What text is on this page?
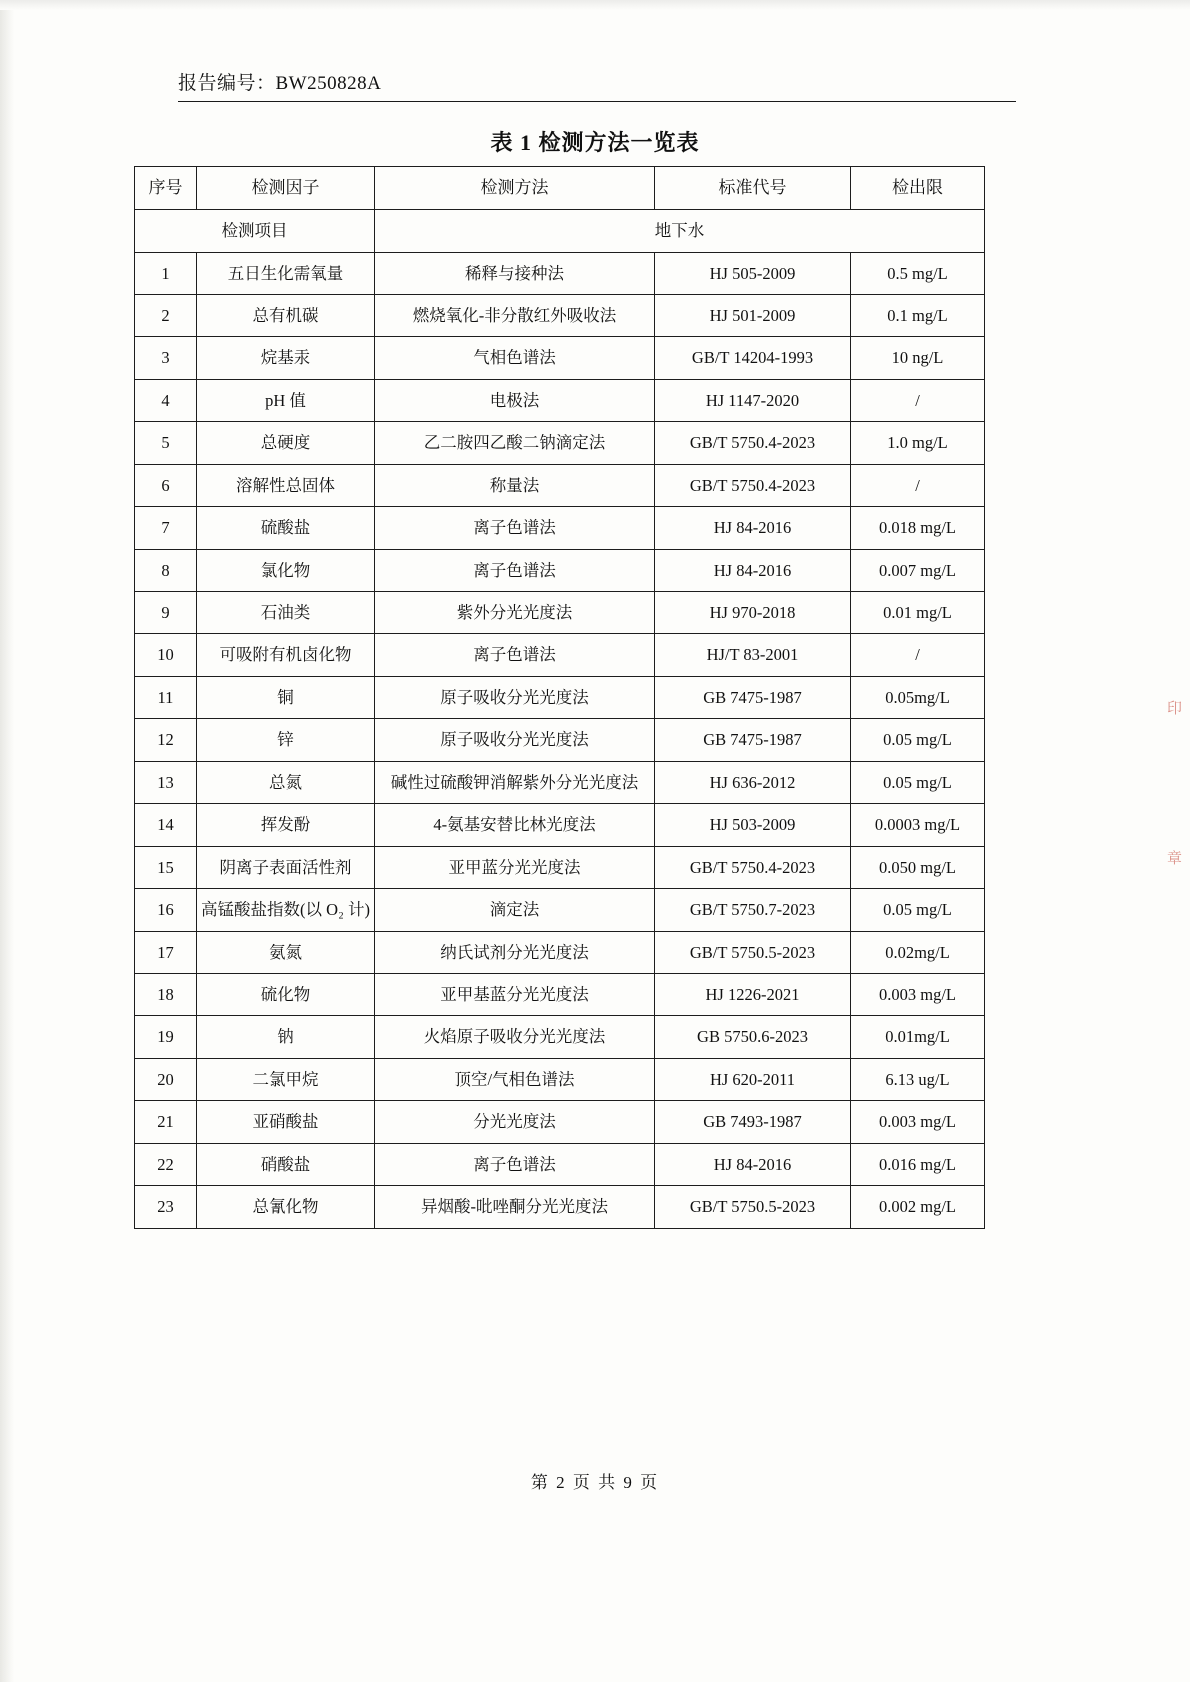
报告编号：BW250828A
表 1 检测方法一览表
序号	检测因子	检测方法	标准代号	检出限
检测项目		地下水		
1	五日生化需氧量	稀释与接种法	HJ 505-2009	0.5 mg/L
2	总有机碳	燃烧氧化-非分散红外吸收法	HJ 501-2009	0.1 mg/L
3	烷基汞	气相色谱法	GB/T 14204-1993	10 ng/L
4	pH 值	电极法	HJ 1147-2020	/
5	总硬度	乙二胺四乙酸二钠滴定法	GB/T 5750.4-2023	1.0 mg/L
6	溶解性总固体	称量法	GB/T 5750.4-2023	/
7	硫酸盐	离子色谱法	HJ 84-2016	0.018 mg/L
8	氯化物	离子色谱法	HJ 84-2016	0.007 mg/L
9	石油类	紫外分光光度法	HJ 970-2018	0.01 mg/L
10	可吸附有机卤化物	离子色谱法	HJ/T 83-2001	/
11	铜	原子吸收分光光度法	GB 7475-1987	0.05mg/L
12	锌	原子吸收分光光度法	GB 7475-1987	0.05 mg/L
13	总氮	碱性过硫酸钾消解紫外分光光度法	HJ 636-2012	0.05 mg/L
14	挥发酚	4-氨基安替比林光度法	HJ 503-2009	0.0003 mg/L
15	阴离子表面活性剂	亚甲蓝分光光度法	GB/T 5750.4-2023	0.050 mg/L
16	高锰酸盐指数(以 O₂ 计)	滴定法	GB/T 5750.7-2023	0.05 mg/L
17	氨氮	纳氏试剂分光光度法	GB/T 5750.5-2023	0.02mg/L
18	硫化物	亚甲基蓝分光光度法	HJ 1226-2021	0.003 mg/L
19	钠	火焰原子吸收分光光度法	GB 5750.6-2023	0.01mg/L
20	二氯甲烷	顶空/气相色谱法	HJ 620-2011	6.13 ug/L
21	亚硝酸盐	分光光度法	GB 7493-1987	0.003 mg/L
22	硝酸盐	离子色谱法	HJ 84-2016	0.016 mg/L
23	总氰化物	异烟酸-吡唑酮分光光度法	GB/T 5750.5-2023	0.002 mg/L
印
章
第 2 页 共 9 页
